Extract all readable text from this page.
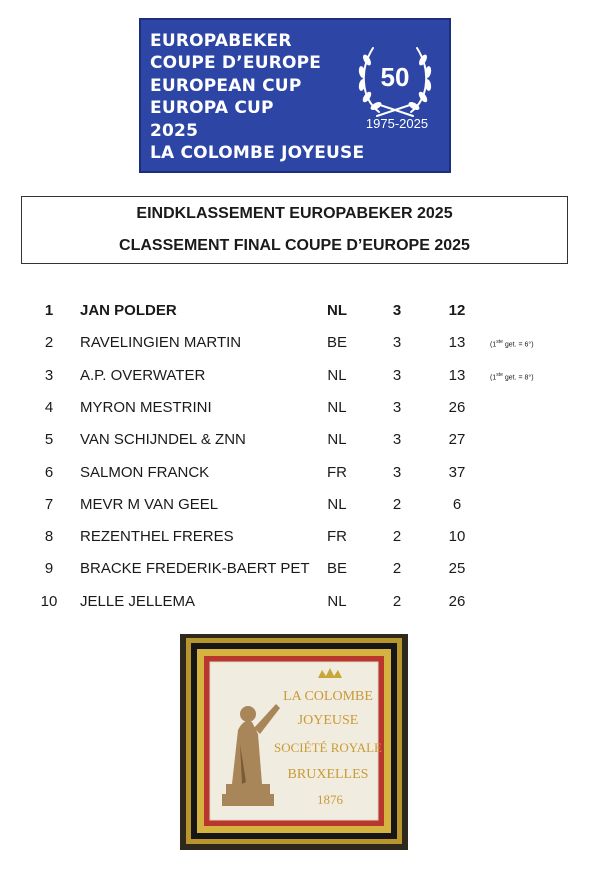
EUROPABEKER
COUPE D’EUROPE
EUROPEAN CUP
EUROPA CUP
2025
LA COLOMBE JOYEUSE
50
1975-2025
EINDKLASSEMENT EUROPABEKER 2025
CLASSEMENT FINAL COUPE D’EUROPE 2025
1	JAN POLDER	NL	3	12
2	RAVELINGIEN MARTIN	BE	3	13	(1ste get. = 6°)
3	A.P. OVERWATER	NL	3	13	(1ste get. = 8°)
4	MYRON MESTRINI	NL	3	26
5	VAN SCHIJNDEL & ZNN	NL	3	27
6	SALMON FRANCK	FR	3	37
7	MEVR M VAN GEEL	NL	2	6
8	REZENTHEL FRERES	FR	2	10
9	BRACKE FREDERIK-BAERT PET	BE	2	25
10	JELLE JELLEMA	NL	2	26
LA COLOMBE
JOYEUSE
SOCIÉTÉ ROYALE
BRUXELLES
1876
